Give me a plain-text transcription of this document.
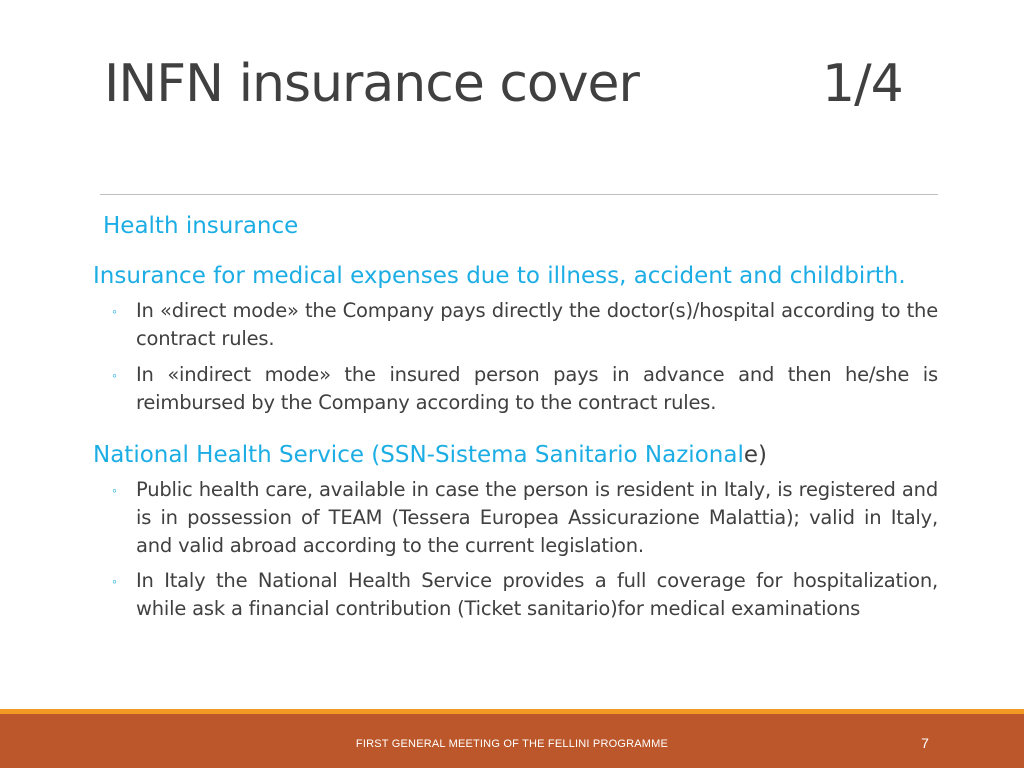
INFN insurance cover	1/4
Health insurance
Insurance for medical expenses due to illness, accident and childbirth.
◦ In «direct mode» the Company pays directly the doctor(s)/hospital according to the contract rules.
◦ In «indirect mode» the insured person pays in advance and then he/she is reimbursed by the Company according to the contract rules.
National Health Service (SSN-Sistema Sanitario Nazionale)
◦ Public health care, available in case the person is resident in Italy, is registered and is in possession of TEAM (Tessera Europea Assicurazione Malattia); valid in Italy, and valid abroad according to the current legislation.
◦ In Italy the National Health Service provides a full coverage for hospitalization, while ask a financial contribution (Ticket sanitario)for medical examinations
FIRST GENERAL MEETING OF THE FELLINI PROGRAMME	7
